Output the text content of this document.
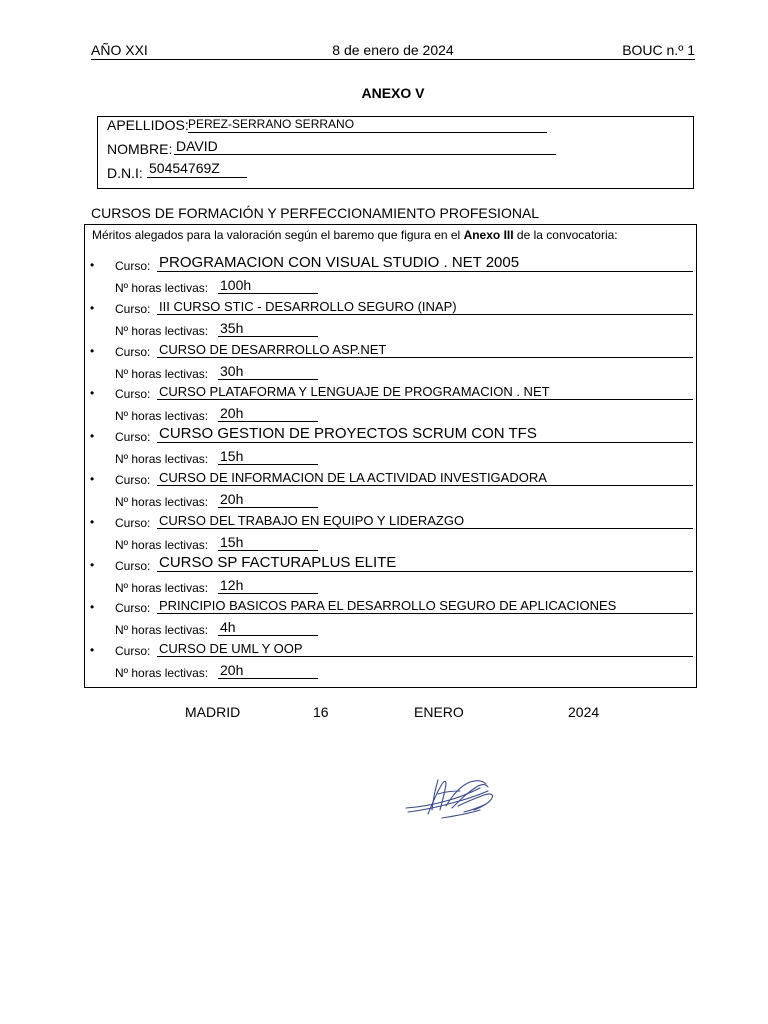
AÑO XXI	8 de enero de 2024	BOUC n.º 1
ANEXO V
APELLIDOS: PEREZ-SERRANO SERRANO
NOMBRE: DAVID
D.N.I: 50454769Z
CURSOS DE FORMACIÓN Y PERFECCIONAMIENTO PROFESIONAL
Méritos alegados para la valoración según el baremo que figura en el Anexo III de la convocatoria:
• Curso: PROGRAMACION CON VISUAL STUDIO . NET 2005
Nº horas lectivas: 100h
• Curso: III CURSO STIC - DESARROLLO SEGURO (INAP)
Nº horas lectivas: 35h
• Curso: CURSO DE DESARRROLLO ASP.NET
Nº horas lectivas: 30h
• Curso: CURSO PLATAFORMA Y LENGUAJE DE PROGRAMACION . NET
Nº horas lectivas: 20h
• Curso: CURSO GESTION DE PROYECTOS SCRUM CON TFS
Nº horas lectivas: 15h
• Curso: CURSO DE INFORMACION DE LA ACTIVIDAD INVESTIGADORA
Nº horas lectivas: 20h
• Curso: CURSO DEL TRABAJO EN EQUIPO Y LIDERAZGO
Nº horas lectivas: 15h
• Curso: CURSO SP FACTURAPLUS ELITE
Nº horas lectivas: 12h
• Curso: PRINCIPIO BASICOS PARA EL DESARROLLO SEGURO DE APLICACIONES
Nº horas lectivas: 4h
• Curso: CURSO DE UML Y OOP
Nº horas lectivas: 20h
MADRID	16	ENERO	2024
